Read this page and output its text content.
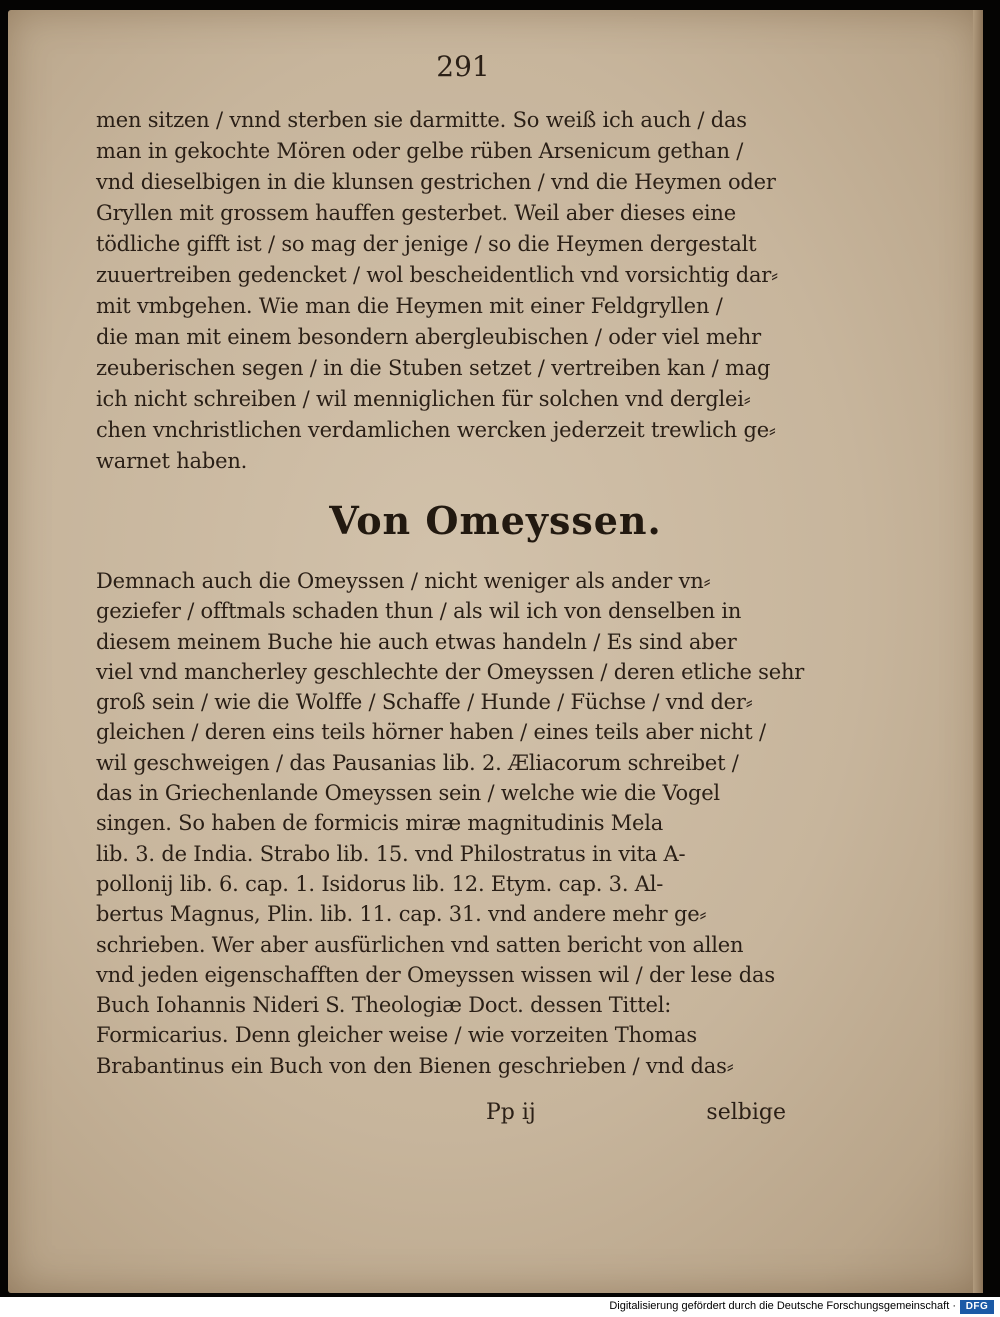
291
men sitzen / vnnd sterben sie darmitte. So weiß ich auch / das
man in gekochte Mören oder gelbe rüben Arsenicum gethan /
vnd dieselbigen in die klunsen gestrichen / vnd die Heymen oder
Gryllen mit grossem hauffen gesterbet. Weil aber dieses eine
tödliche gifft ist / so mag der jenige / so die Heymen dergestalt
zuuertreiben gedencket / wol bescheidentlich vnd vorsichtig dar⸗
mit vmbgehen. Wie man die Heymen mit einer Feldgryllen /
die man mit einem besondern abergleubischen / oder viel mehr
zeuberischen segen / in die Stuben setzet / vertreiben kan / mag
ich nicht schreiben / wil menniglichen für solchen vnd derglei⸗
chen vnchristlichen verdamlichen wercken jederzeit trewlich ge⸗
warnet haben.
Von Omeyssen.
Demnach auch die Omeyssen / nicht weniger als ander vn⸗
geziefer / offtmals schaden thun / als wil ich von denselben in
diesem meinem Buche hie auch etwas handeln / Es sind aber
viel vnd mancherley geschlechte der Omeyssen / deren etliche sehr
groß sein / wie die Wolffe / Schaffe / Hunde / Füchse / vnd der⸗
gleichen / deren eins teils hörner haben / eines teils aber nicht /
wil geschweigen / das Pausanias lib. 2. Æliacorum schreibet /
das in Griechenlande Omeyssen sein / welche wie die Vogel
singen. So haben de formicis miræ magnitudinis Mela
lib. 3. de India. Strabo lib. 15. vnd Philostratus in vita A-
pollonij lib. 6. cap. 1. Isidorus lib. 12. Etym. cap. 3. Al-
bertus Magnus, Plin. lib. 11. cap. 31. vnd andere mehr ge⸗
schrieben. Wer aber ausfürlichen vnd satten bericht von allen
vnd jeden eigenschafften der Omeyssen wissen wil / der lese das
Buch Iohannis Nideri S. Theologiæ Doct. dessen Tittel:
Formicarius. Denn gleicher weise / wie vorzeiten Thomas
Brabantinus ein Buch von den Bienen geschrieben / vnd das⸗
Pp ij	selbige
Digitalisierung gefördert durch die Deutsche Forschungsgemeinschaft · DFG
